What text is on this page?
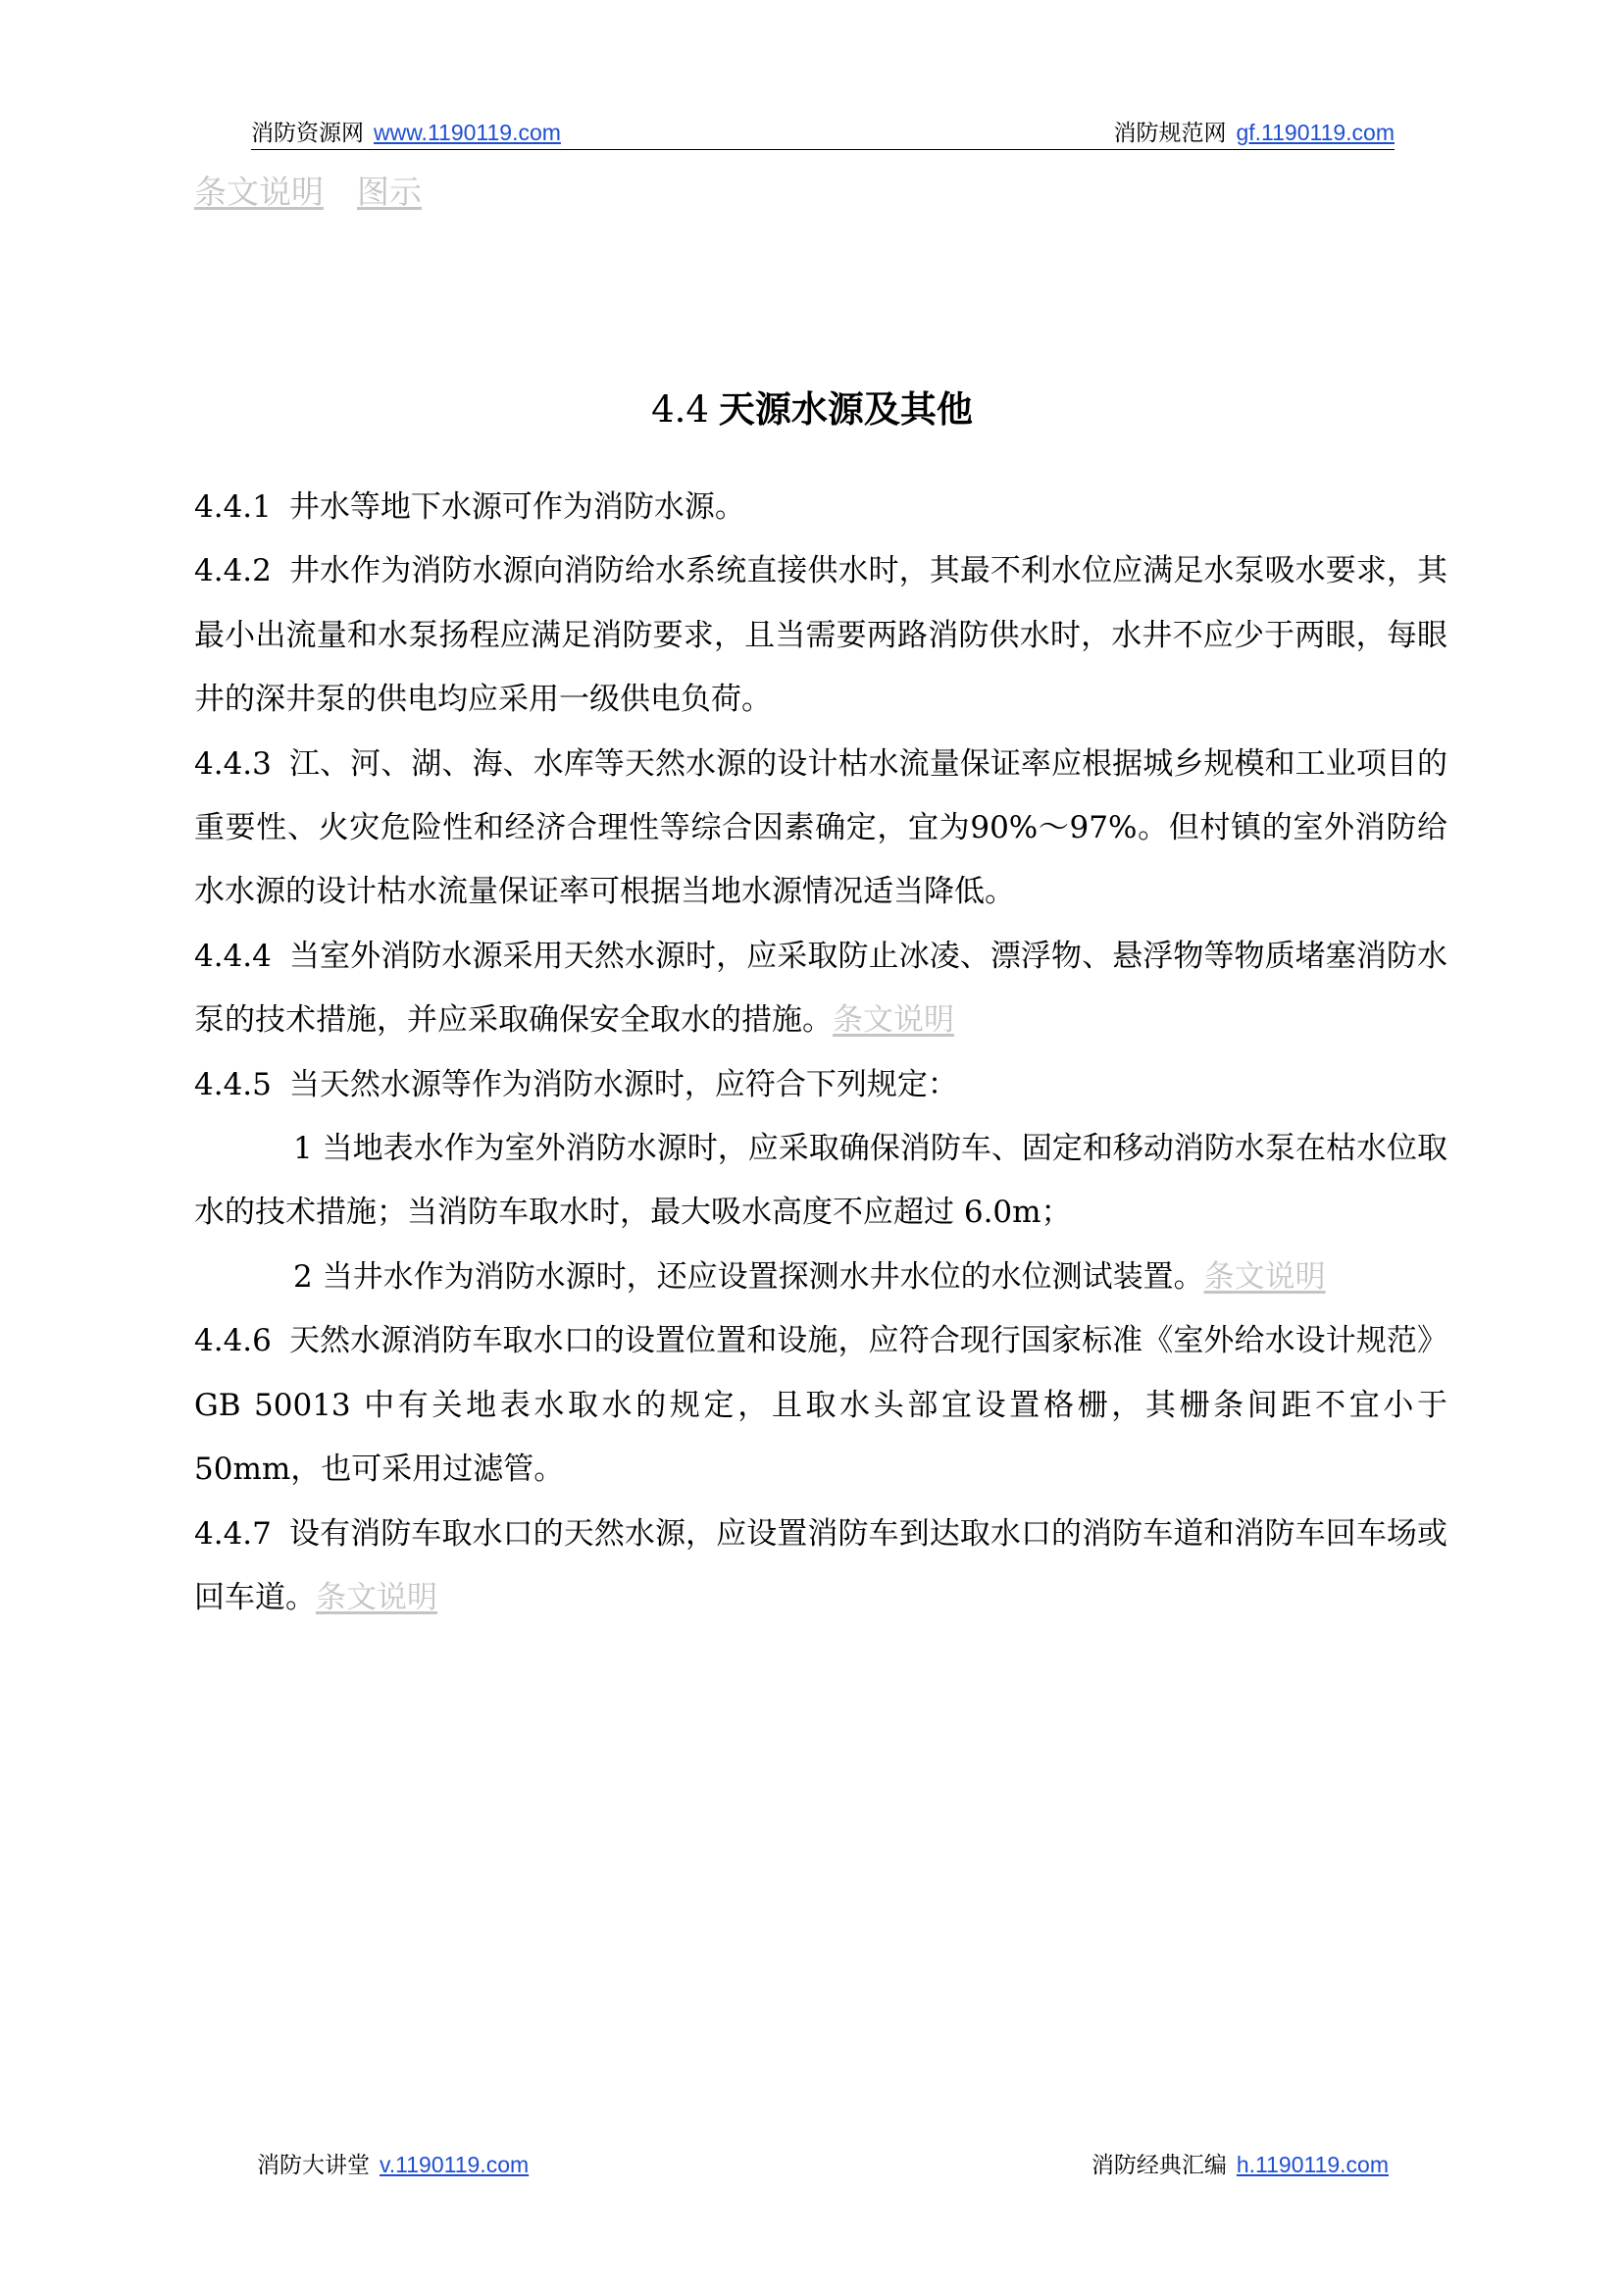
消防资源网 www.1190119.com	消防规范网 gf.1190119.com
条文说明 图示
4.4 天源水源及其他

4.4.1 井水等地下水源可作为消防水源。

4.4.2 井水作为消防水源向消防给水系统直接供水时，其最不利水位应满足水泵吸水要求，其最小出流量和水泵扬程应满足消防要求，且当需要两路消防供水时，水井不应少于两眼，每眼井的深井泵的供电均应采用一级供电负荷。

4.4.3 江、河、湖、海、水库等天然水源的设计枯水流量保证率应根据城乡规模和工业项目的重要性、火灾危险性和经济合理性等综合因素确定，宜为90%～97%。但村镇的室外消防给水水源的设计枯水流量保证率可根据当地水源情况适当降低。

4.4.4 当室外消防水源采用天然水源时，应采取防止冰凌、漂浮物、悬浮物等物质堵塞消防水泵的技术措施，并应采取确保安全取水的措施。条文说明

4.4.5 当天然水源等作为消防水源时，应符合下列规定：

1 当地表水作为室外消防水源时，应采取确保消防车、固定和移动消防水泵在枯水位取水的技术措施；当消防车取水时，最大吸水高度不应超过 6.0m；

2 当井水作为消防水源时，还应设置探测水井水位的水位测试装置。条文说明

4.4.6 天然水源消防车取水口的设置位置和设施，应符合现行国家标准《室外给水设计规范》GB 50013 中有关地表水取水的规定，且取水头部宜设置格栅，其栅条间距不宜小于 50mm，也可采用过滤管。

4.4.7 设有消防车取水口的天然水源，应设置消防车到达取水口的消防车道和消防车回车场或回车道。条文说明

消防大讲堂 v.1190119.com	消防经典汇编 h.1190119.com
